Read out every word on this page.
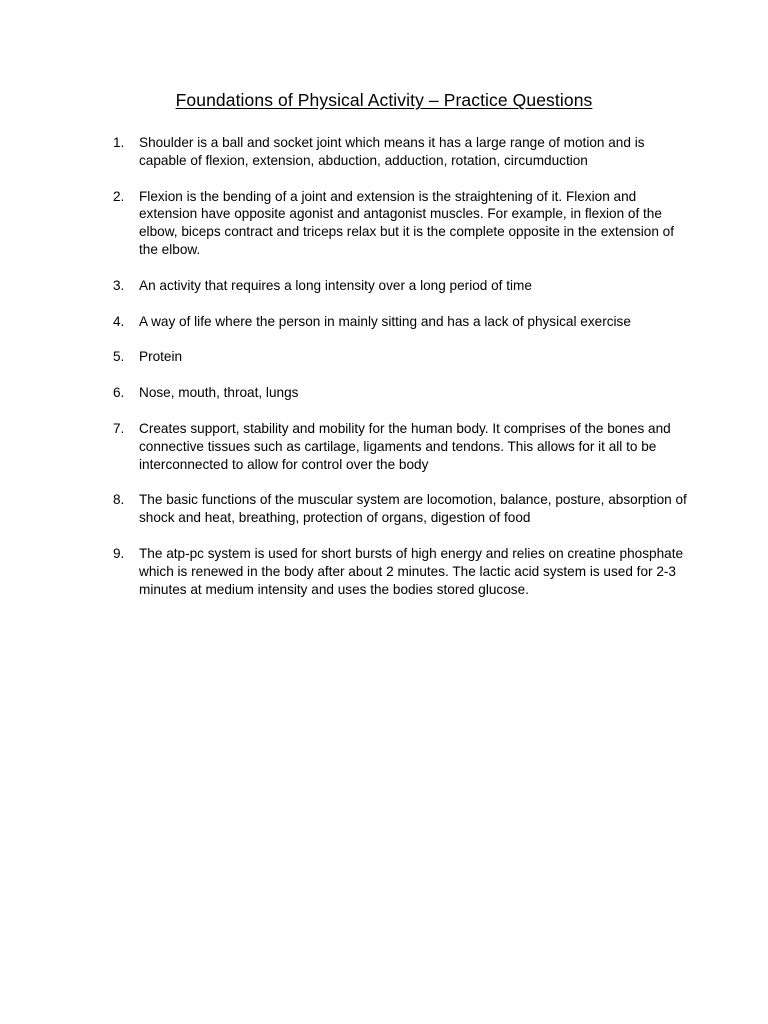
Foundations of Physical Activity – Practice Questions
1.	Shoulder is a ball and socket joint which means it has a large range of motion and is capable of flexion, extension, abduction, adduction, rotation, circumduction
2.	Flexion is the bending of a joint and extension is the straightening of it. Flexion and extension have opposite agonist and antagonist muscles. For example, in flexion of the elbow, biceps contract and triceps relax but it is the complete opposite in the extension of the elbow.
3.	An activity that requires a long intensity over a long period of time
4.	A way of life where the person in mainly sitting and has a lack of physical exercise
5.	Protein
6.	Nose, mouth, throat, lungs
7.	Creates support, stability and mobility for the human body. It comprises of the bones and connective tissues such as cartilage, ligaments and tendons. This allows for it all to be interconnected to allow for control over the body
8.	The basic functions of the muscular system are locomotion, balance, posture, absorption of shock and heat, breathing, protection of organs, digestion of food
9.	The atp-pc system is used for short bursts of high energy and relies on creatine phosphate which is renewed in the body after about 2 minutes. The lactic acid system is used for 2-3 minutes at medium intensity and uses the bodies stored glucose.
